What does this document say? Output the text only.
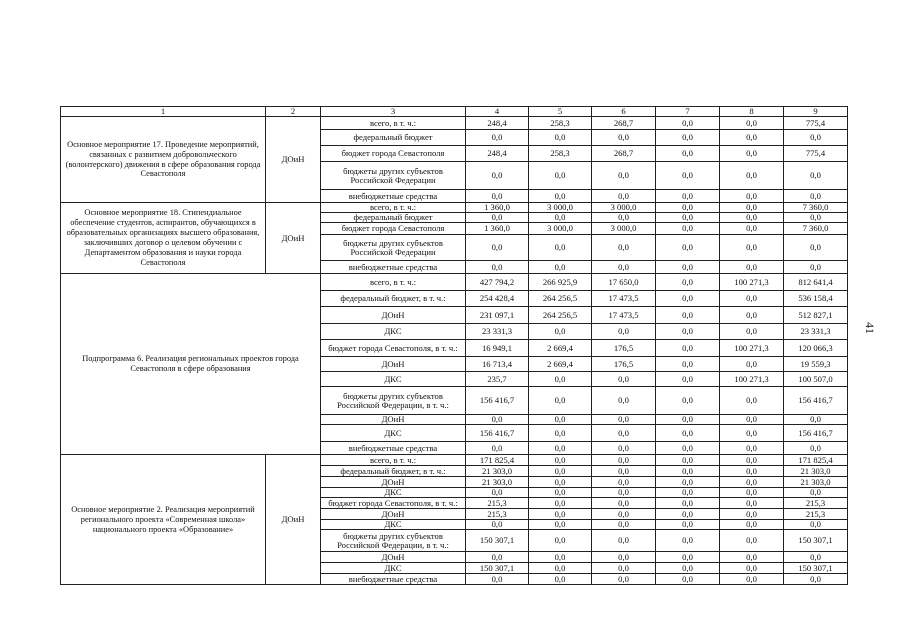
1	2	3	4	5	6	7	8	9
Основное мероприятие 17. Проведение мероприятий, связанных с развитием добровольческого (волонтерского) движения в сфере образования города Севастополя	ДОиН	всего, в т. ч.:	248,4	258,3	268,7	0,0	0,0	775,4
		федеральный бюджет	0,0	0,0	0,0	0,0	0,0	0,0
		бюджет города Севастополя	248,4	258,3	268,7	0,0	0,0	775,4
		бюджеты других субъектов Российской Федерации	0,0	0,0	0,0	0,0	0,0	0,0
		внебюджетные средства	0,0	0,0	0,0	0,0	0,0	0,0
Основное мероприятие 18. Стипендиальное обеспечение студентов, аспирантов, обучающихся в образовательных организациях высшего образования, заключивших договор о целевом обучении с Департаментом образования и науки города Севастополя	ДОиН	всего, в т. ч.:	1 360,0	3 000,0	3 000,0	0,0	0,0	7 360,0
		федеральный бюджет	0,0	0,0	0,0	0,0	0,0	0,0
		бюджет города Севастополя	1 360,0	3 000,0	3 000,0	0,0	0,0	7 360,0
		бюджеты других субъектов Российской Федерации	0,0	0,0	0,0	0,0	0,0	0,0
		внебюджетные средства	0,0	0,0	0,0	0,0	0,0	0,0
Подпрограмма 6. Реализация региональных проектов города Севастополя в сфере образования		всего, в т. ч.:	427 794,2	266 925,9	17 650,0	0,0	100 271,3	812 641,4
		федеральный бюджет, в т. ч.:	254 428,4	264 256,5	17 473,5	0,0	0,0	536 158,4
		ДОиН	231 097,1	264 256,5	17 473,5	0,0	0,0	512 827,1
		ДКС	23 331,3	0,0	0,0	0,0	0,0	23 331,3
		бюджет города Севастополя, в т. ч.:	16 949,1	2 669,4	176,5	0,0	100 271,3	120 066,3
		ДОиН	16 713,4	2 669,4	176,5	0,0	0,0	19 559,3
		ДКС	235,7	0,0	0,0	0,0	100 271,3	100 507,0
		бюджеты других субъектов Российской Федерации, в т. ч.:	156 416,7	0,0	0,0	0,0	0,0	156 416,7
		ДОиН	0,0	0,0	0,0	0,0	0,0	0,0
		ДКС	156 416,7	0,0	0,0	0,0	0,0	156 416,7
		внебюджетные средства	0,0	0,0	0,0	0,0	0,0	0,0
Основное мероприятие 2. Реализация мероприятий регионального проекта «Современная школа» национального проекта «Образование»	ДОиН	всего, в т. ч.:	171 825,4	0,0	0,0	0,0	0,0	171 825,4
		федеральный бюджет, в т. ч.:	21 303,0	0,0	0,0	0,0	0,0	21 303,0
		ДОиН	21 303,0	0,0	0,0	0,0	0,0	21 303,0
		ДКС	0,0	0,0	0,0	0,0	0,0	0,0
		бюджет города Севастополя, в т. ч.:	215,3	0,0	0,0	0,0	0,0	215,3
		ДОиН	215,3	0,0	0,0	0,0	0,0	215,3
		ДКС	0,0	0,0	0,0	0,0	0,0	0,0
		бюджеты других субъектов Российской Федерации, в т. ч.:	150 307,1	0,0	0,0	0,0	0,0	150 307,1
		ДОиН	0,0	0,0	0,0	0,0	0,0	0,0
		ДКС	150 307,1	0,0	0,0	0,0	0,0	150 307,1
		внебюджетные средства	0,0	0,0	0,0	0,0	0,0	0,0
41
